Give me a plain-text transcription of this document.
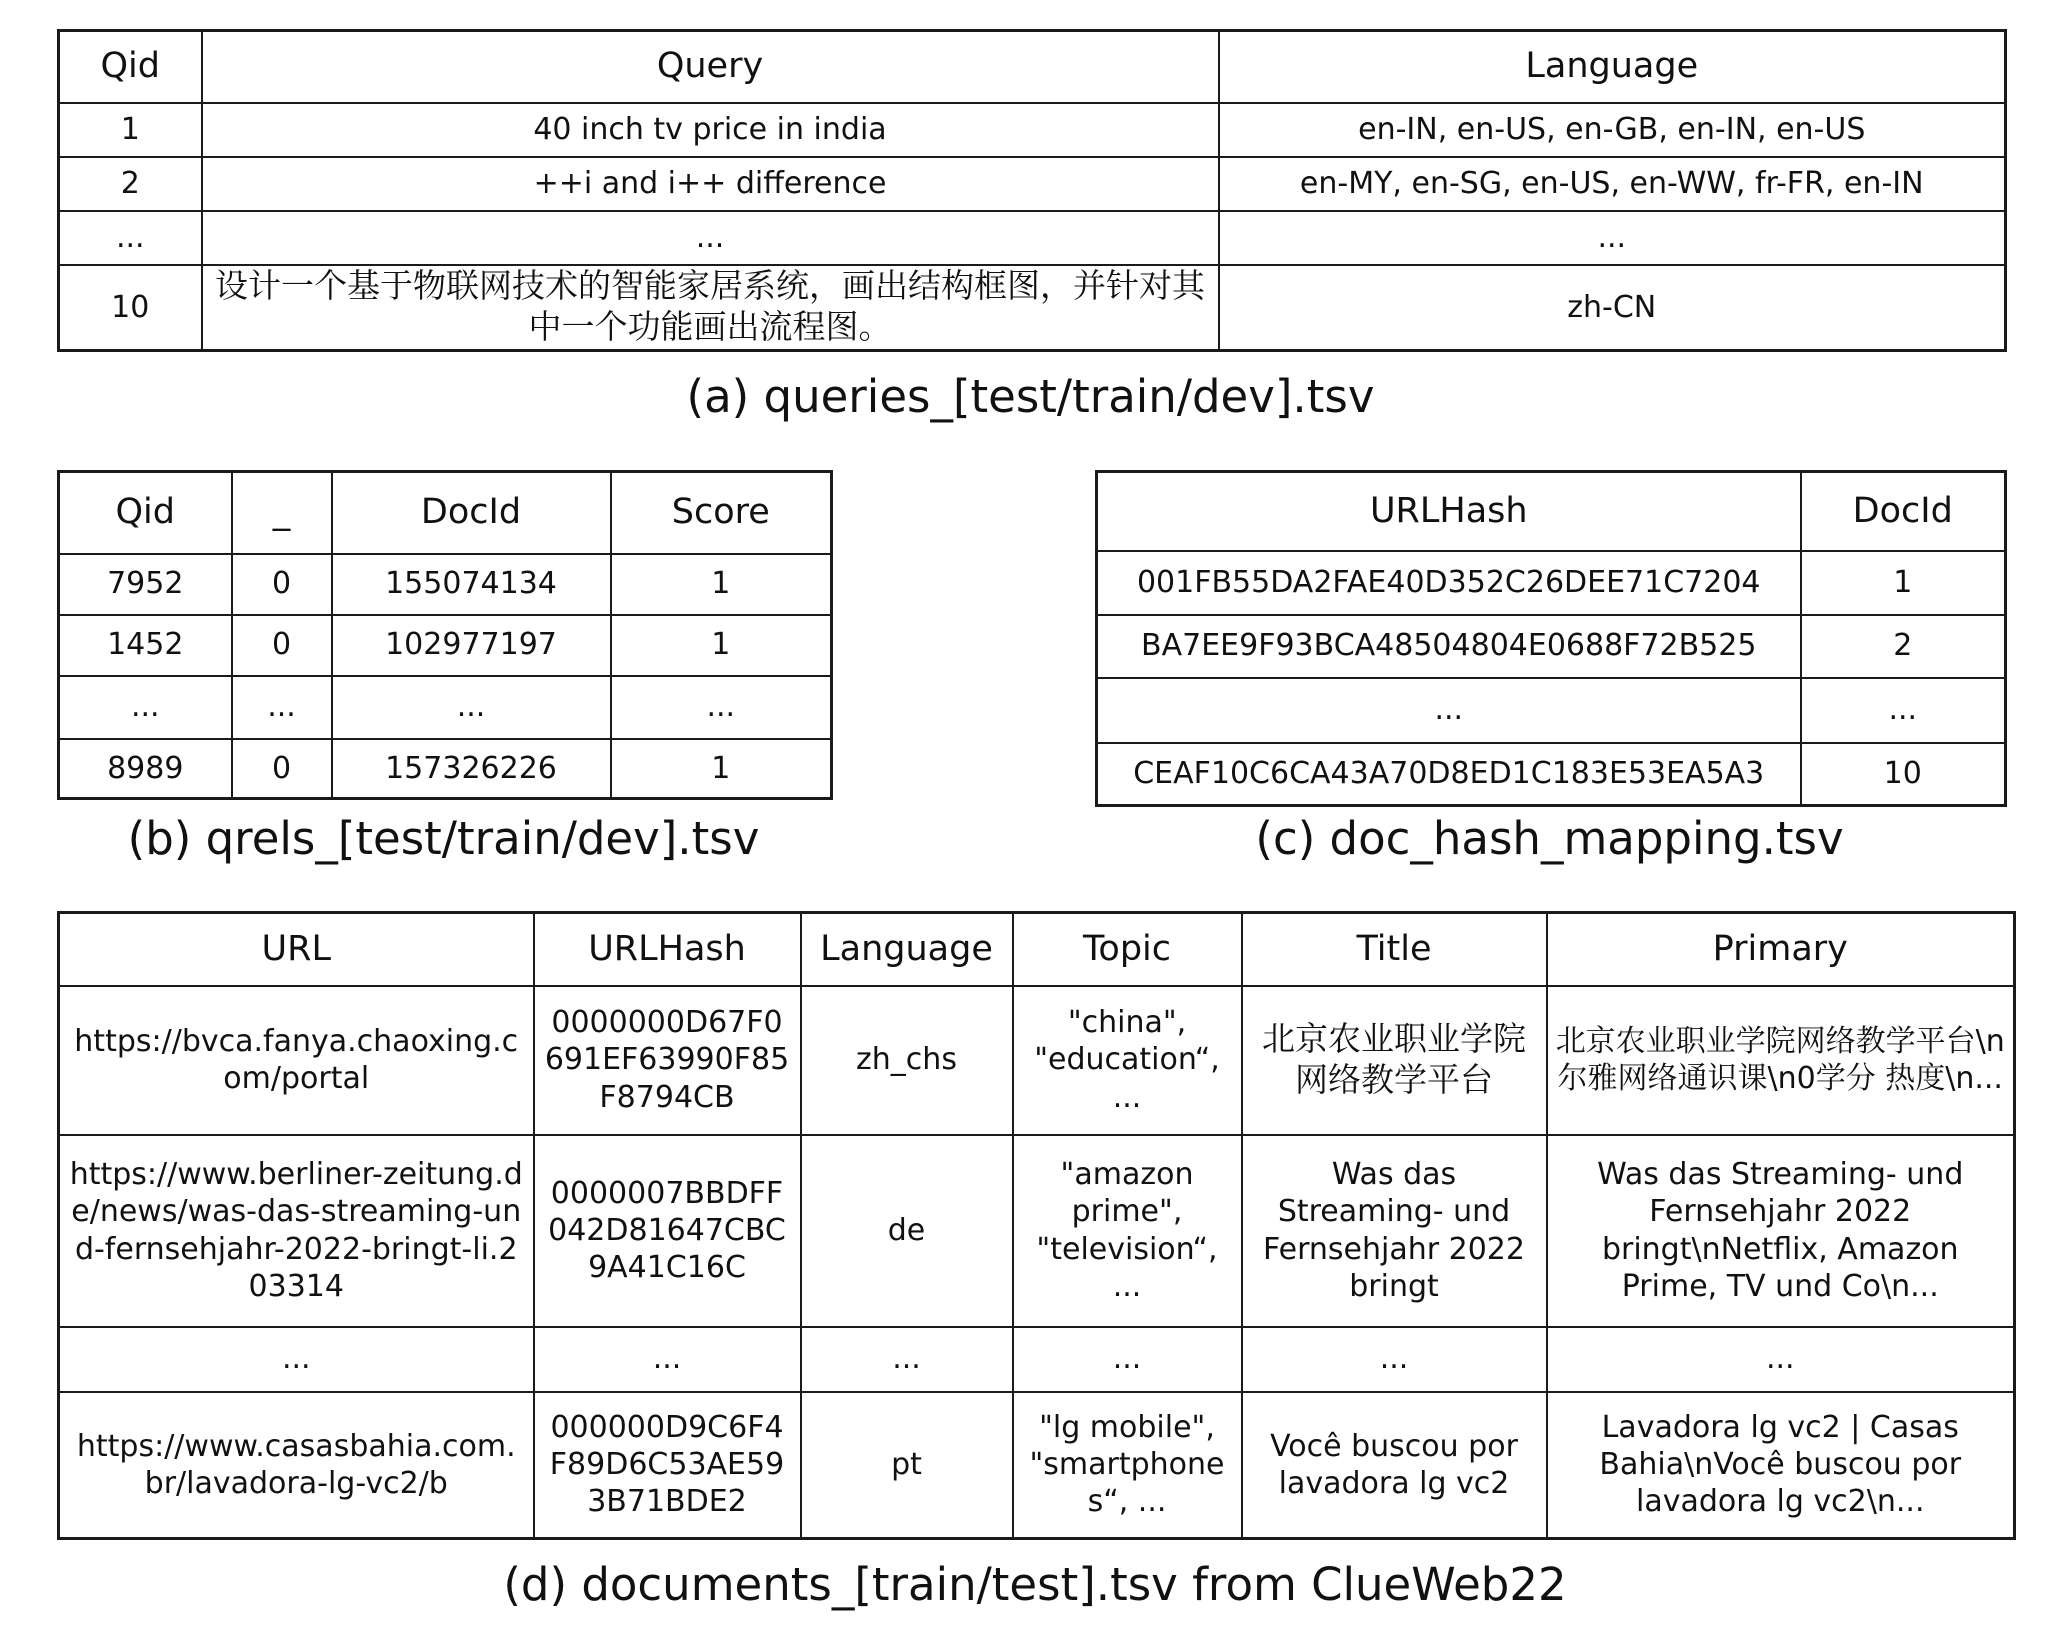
Qid	Query	Language
1	40 inch tv price in india	en-IN, en-US, en-GB, en-IN, en-US
2	++i and i++ difference	en-MY, en-SG, en-US, en-WW, fr-FR, en-IN
...	...	...
10	设计一个基于物联网技术的智能家居系统，画出结构框图，并针对其中一个功能画出流程图。	zh-CN
(a) queries_[test/train/dev].tsv
Qid	_	DocId	Score
7952	0	155074134	1
1452	0	102977197	1
...	...	...	...
8989	0	157326226	1
(b) qrels_[test/train/dev].tsv
URLHash	DocId
001FB55DA2FAE40D352C26DEE71C7204	1
BA7EE9F93BCA48504804E0688F72B525	2
...	...
CEAF10C6CA43A70D8ED1C183E53EA5A3	10
(c) doc_hash_mapping.tsv
URL	URLHash	Language	Topic	Title	Primary
https://bvca.fanya.chaoxing.com/portal	0000000D67F0691EF63990F85F8794CB	zh_chs	"china", "education“, ...	北京农业职业学院网络教学平台	北京农业职业学院网络教学平台\n尔雅网络通识课\n0学分 热度\n...
https://www.berliner-zeitung.de/news/was-das-streaming-und-fernsehjahr-2022-bringt-li.203314	0000007BBDFF042D81647CBC9A41C16C	de	"amazon prime", "television“, ...	Was das Streaming- und Fernsehjahr 2022 bringt	Was das Streaming- und Fernsehjahr 2022 bringt\nNetflix, Amazon Prime, TV und Co\n...
...	...	...	...	...	...
https://www.casasbahia.com.br/lavadora-lg-vc2/b	000000D9C6F4F89D6C53AE593B71BDE2	pt	"lg mobile", "smartphones“, ...	Você buscou por lavadora lg vc2	Lavadora lg vc2 | Casas Bahia\nVocê buscou por lavadora lg vc2\n...
(d) documents_[train/test].tsv from ClueWeb22
